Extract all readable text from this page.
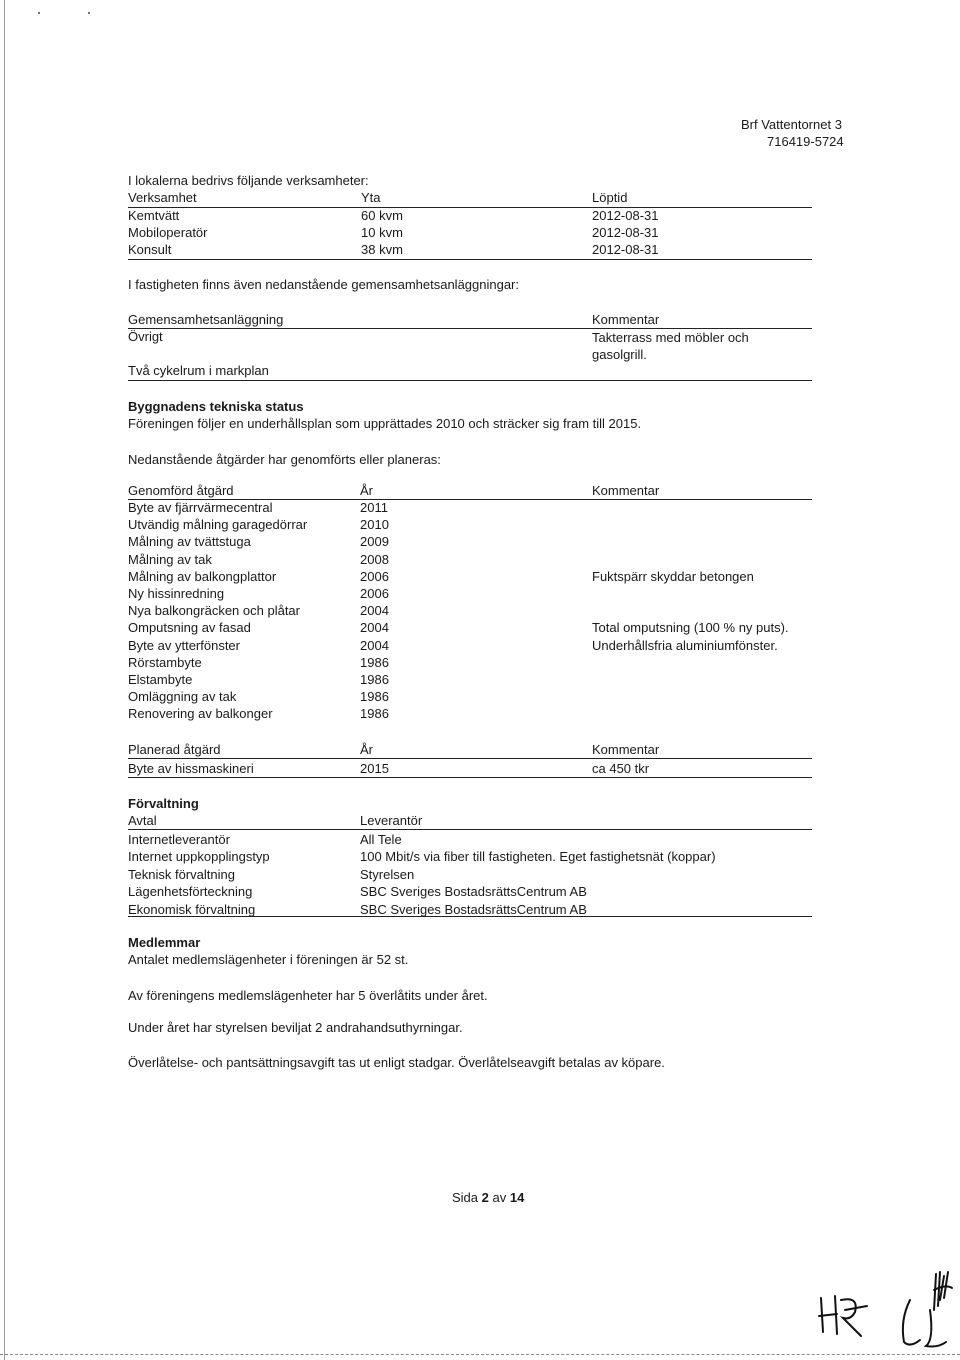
Brf Vattentornet 3
716419-5724
I lokalerna bedrivs följande verksamheter:
Verksamhet	Yta	Löptid
Kemtvätt	60 kvm	2012-08-31
Mobiloperatör	10 kvm	2012-08-31
Konsult	38 kvm	2012-08-31
I fastigheten finns även nedanstående gemensamhetsanläggningar:
Gemensamhetsanläggning	Kommentar
Övrigt	Takterrass med möbler och gasolgrill.
Två cykelrum i markplan
Byggnadens tekniska status
Föreningen följer en underhållsplan som upprättades 2010 och sträcker sig fram till 2015.
Nedanstående åtgärder har genomförts eller planeras:
Genomförd åtgärd	År	Kommentar
Byte av fjärrvärmecentral	2011
Utvändig målning garagedörrar	2010
Målning av tvättstuga	2009
Målning av tak	2008
Målning av balkongplattor	2006	Fuktspärr skyddar betongen
Ny hissinredning	2006
Nya balkongräcken och plåtar	2004
Omputsning av fasad	2004	Total omputsning (100 % ny puts).
Byte av ytterfönster	2004	Underhållsfria aluminiumfönster.
Rörstambyte	1986
Elstambyte	1986
Omläggning av tak	1986
Renovering av balkonger	1986
Planerad åtgärd	År	Kommentar
Byte av hissmaskineri	2015	ca 450 tkr
Förvaltning
Avtal	Leverantör
Internetleverantör	All Tele
Internet uppkopplingstyp	100 Mbit/s via fiber till fastigheten. Eget fastighetsnät (koppar)
Teknisk förvaltning	Styrelsen
Lägenhetsförteckning	SBC Sveriges BostadsrättsCentrum AB
Ekonomisk förvaltning	SBC Sveriges BostadsrättsCentrum AB
Medlemmar
Antalet medlemslägenheter i föreningen är 52 st.
Av föreningens medlemslägenheter har 5 överlåtits under året.
Under året har styrelsen beviljat 2 andrahandsuthyrningar.
Överlåtelse- och pantsättningsavgift tas ut enligt stadgar. Överlåtelseavgift betalas av köpare.
Sida 2 av 14
